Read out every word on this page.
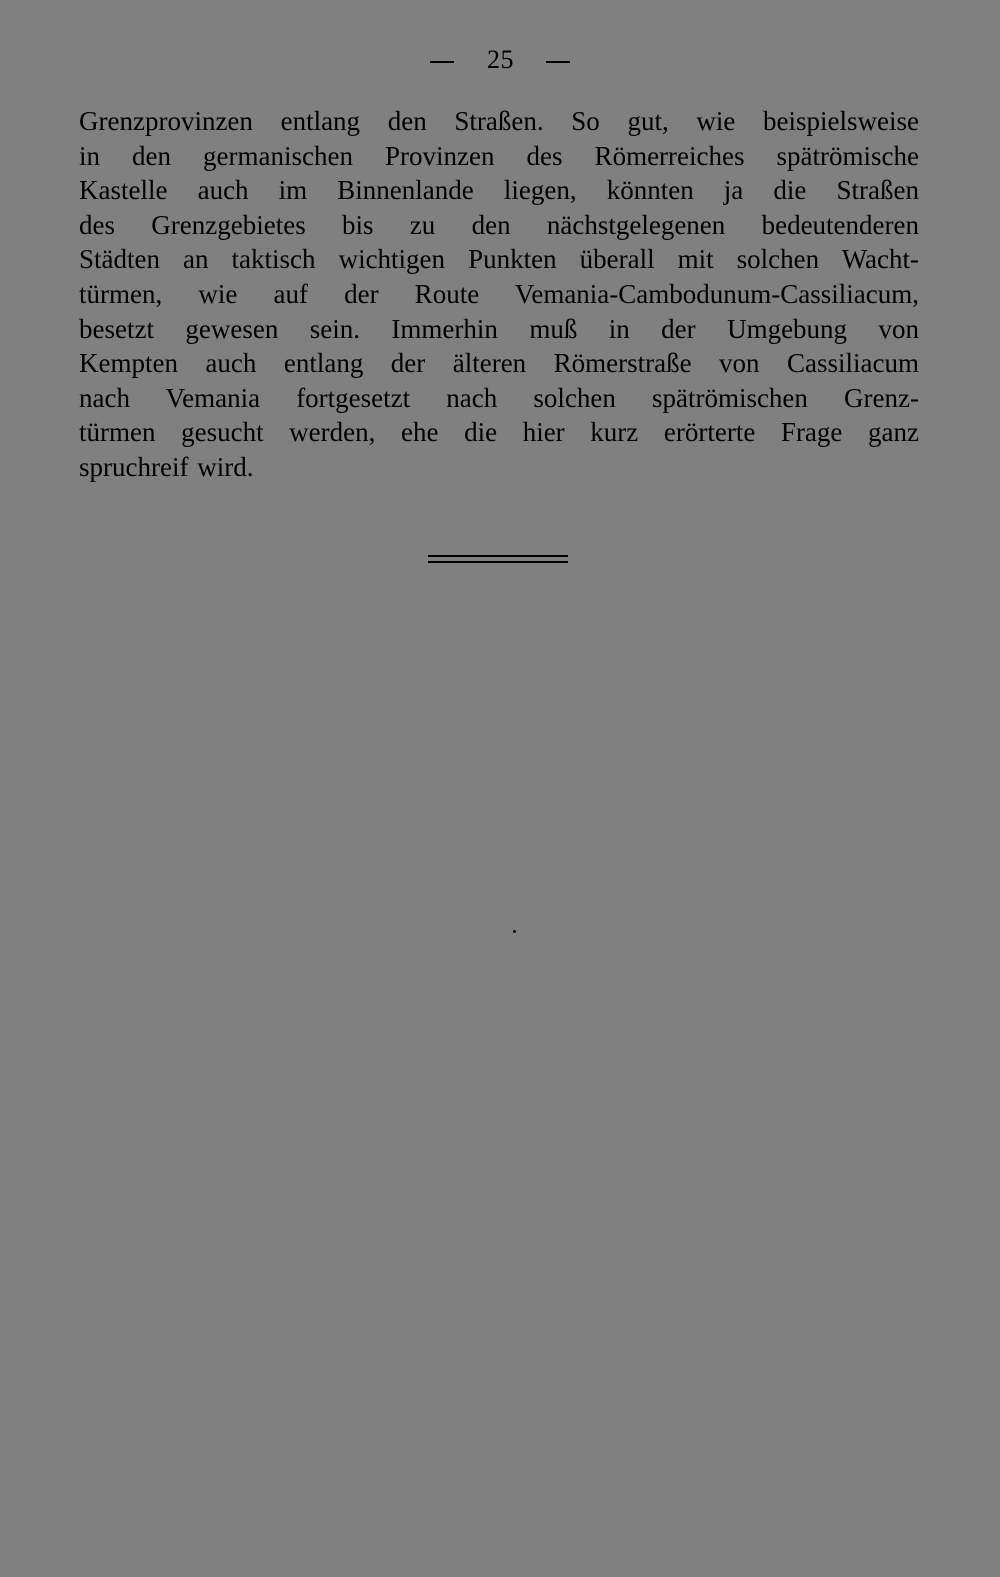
25
Grenzprovinzen entlang den Straßen. So gut, wie beispielsweise
in den germanischen Provinzen des Römerreiches spätrömische
Kastelle auch im Binnenlande liegen, könnten ja die Straßen
des Grenzgebietes bis zu den nächstgelegenen bedeutenderen
Städten an taktisch wichtigen Punkten überall mit solchen Wacht-
türmen, wie auf der Route Vemania-Cambodunum-Cassiliacum,
besetzt gewesen sein. Immerhin muß in der Umgebung von
Kempten auch entlang der älteren Römerstraße von Cassiliacum
nach Vemania fortgesetzt nach solchen spätrömischen Grenz-
türmen gesucht werden, ehe die hier kurz erörterte Frage ganz
spruchreif wird.
